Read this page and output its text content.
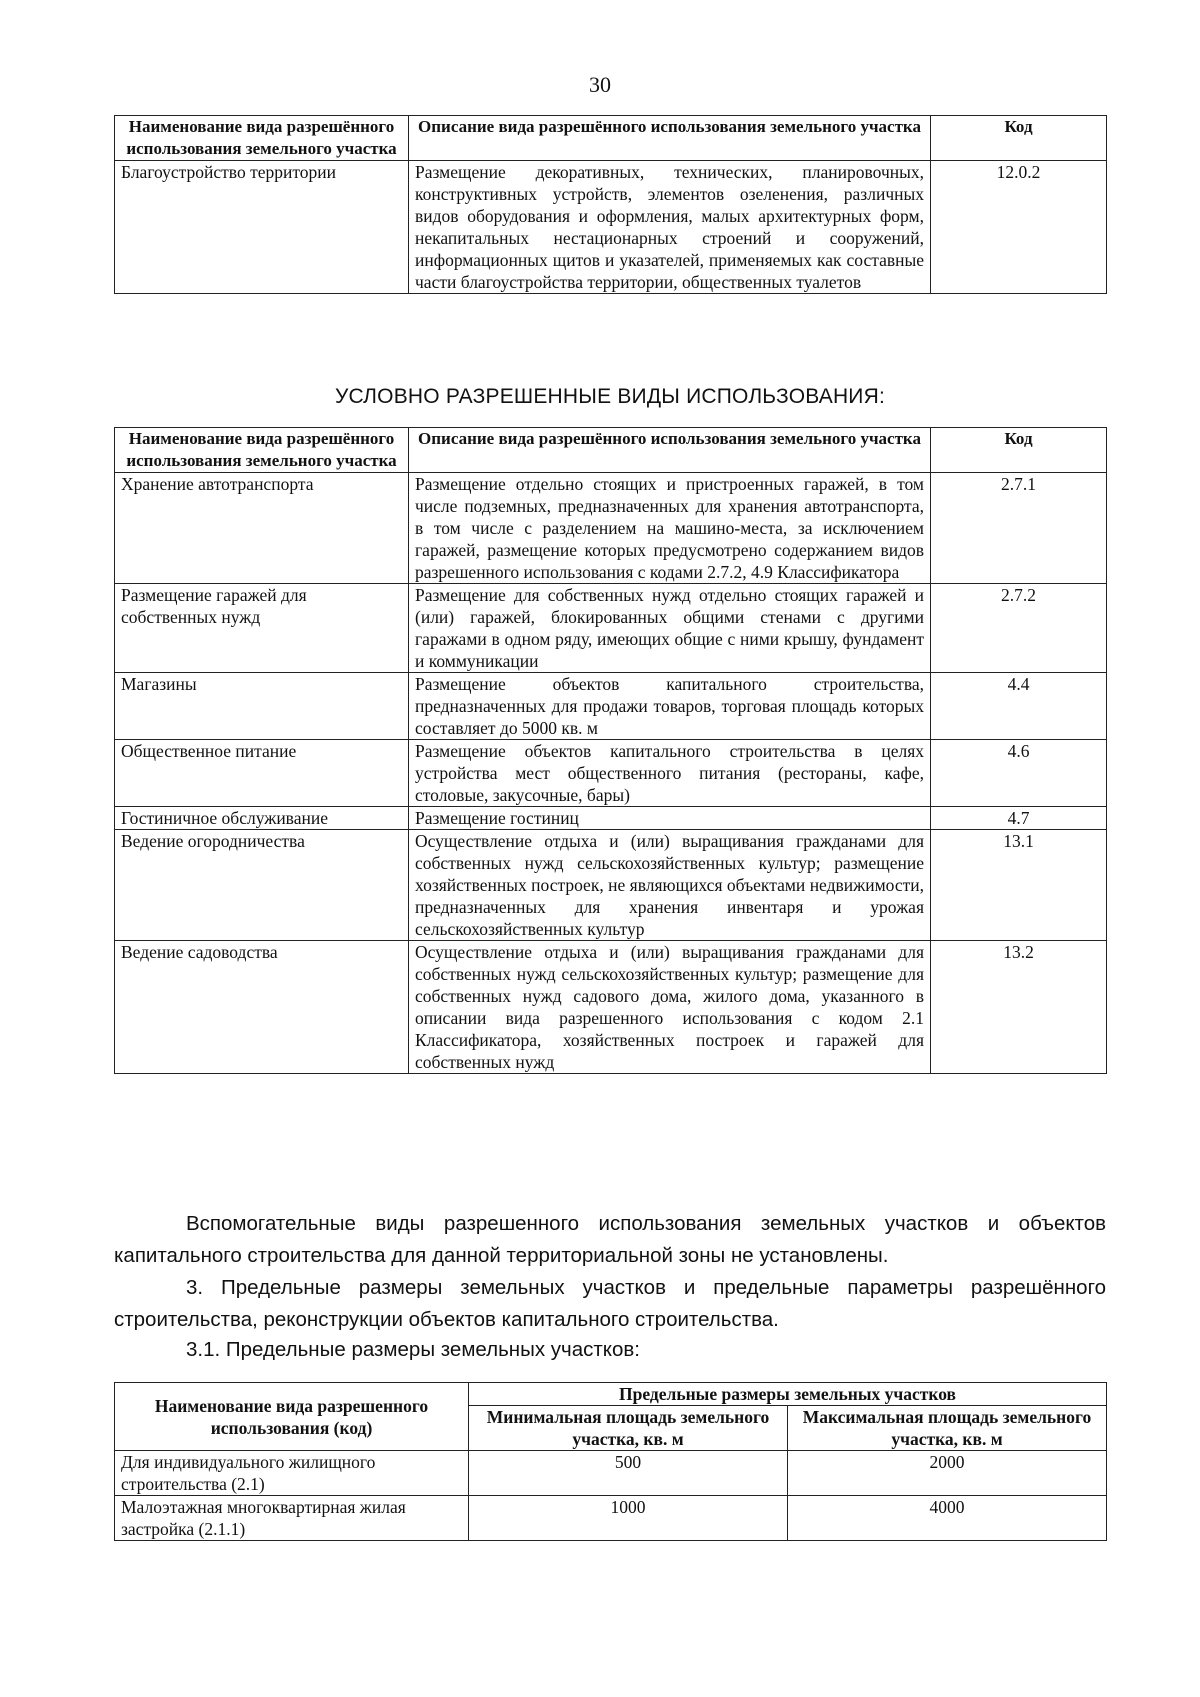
30
Наименование вида разрешённого использования земельного участка	Описание вида разрешённого использования земельного участка	Код
Благоустройство территории	Размещение декоративных, технических, планировочных, конструктивных устройств, элементов озеленения, различных видов оборудования и оформления, малых архитектурных форм, некапитальных нестационарных строений и сооружений, информационных щитов и указателей, применяемых как составные части благоустройства территории, общественных туалетов	12.0.2
УСЛОВНО РАЗРЕШЕННЫЕ ВИДЫ ИСПОЛЬЗОВАНИЯ:
Наименование вида разрешённого использования земельного участка	Описание вида разрешённого использования земельного участка	Код
Хранение автотранспорта	Размещение отдельно стоящих и пристроенных гаражей, в том числе подземных, предназначенных для хранения автотранспорта, в том числе с разделением на машино-места, за исключением гаражей, размещение которых предусмотрено содержанием видов разрешенного использования с кодами 2.7.2, 4.9 Классификатора	2.7.1
Размещение гаражей для собственных нужд	Размещение для собственных нужд отдельно стоящих гаражей и (или) гаражей, блокированных общими стенами с другими гаражами в одном ряду, имеющих общие с ними крышу, фундамент и коммуникации	2.7.2
Магазины	Размещение объектов капитального строительства, предназначенных для продажи товаров, торговая площадь которых составляет до 5000 кв. м	4.4
Общественное питание	Размещение объектов капитального строительства в целях устройства мест общественного питания (рестораны, кафе, столовые, закусочные, бары)	4.6
Гостиничное обслуживание	Размещение гостиниц	4.7
Ведение огородничества	Осуществление отдыха и (или) выращивания гражданами для собственных нужд сельскохозяйственных культур; размещение хозяйственных построек, не являющихся объектами недвижимости, предназначенных для хранения инвентаря и урожая сельскохозяйственных культур	13.1
Ведение садоводства	Осуществление отдыха и (или) выращивания гражданами для собственных нужд сельскохозяйственных культур; размещение для собственных нужд садового дома, жилого дома, указанного в описании вида разрешенного использования с кодом 2.1 Классификатора, хозяйственных построек и гаражей для собственных нужд	13.2
Вспомогательные виды разрешенного использования земельных участков и объектов капитального строительства для данной территориальной зоны не установлены.
3. Предельные размеры земельных участков и предельные параметры разрешённого строительства, реконструкции объектов капитального строительства.
3.1. Предельные размеры земельных участков:
Наименование вида разрешенного использования (код)	Предельные размеры земельных участков	
	Минимальная площадь земельного участка, кв. м	Максимальная площадь земельного участка, кв. м
Для индивидуального жилищного строительства (2.1)	500	2000
Малоэтажная многоквартирная жилая застройка (2.1.1)	1000	4000
